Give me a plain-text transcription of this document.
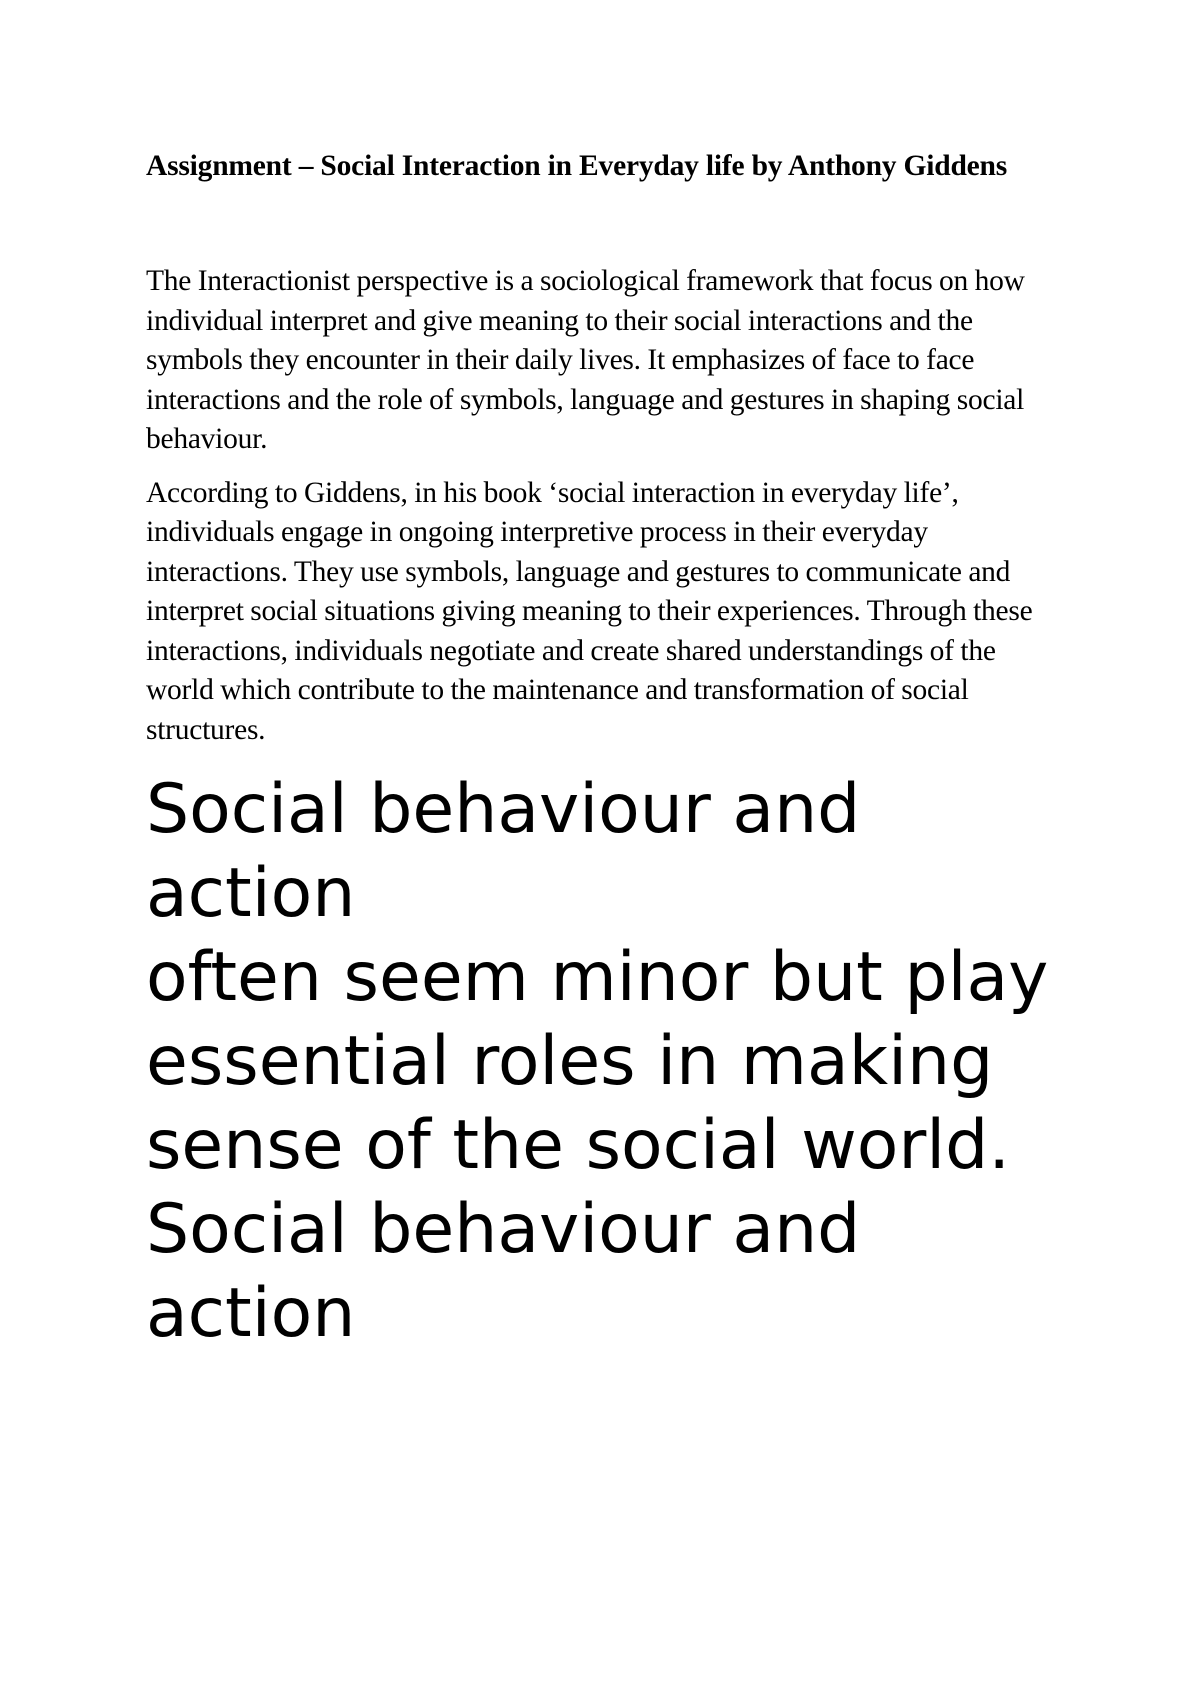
Assignment – Social Interaction in Everyday life by Anthony Giddens

The Interactionist perspective is a sociological framework that focus on how individual interpret and give meaning to their social interactions and the symbols they encounter in their daily lives. It emphasizes of face to face interactions and the role of symbols, language and gestures in shaping social behaviour.

According to Giddens, in his book ‘social interaction in everyday life’, individuals engage in ongoing interpretive process in their everyday interactions. They use symbols, language and gestures to communicate and interpret social situations giving meaning to their experiences. Through these interactions, individuals negotiate and create shared understandings of the world which contribute to the maintenance and transformation of social structures.

Social behaviour and action
often seem minor but play essential roles in making sense of the social world.
Social behaviour and action
